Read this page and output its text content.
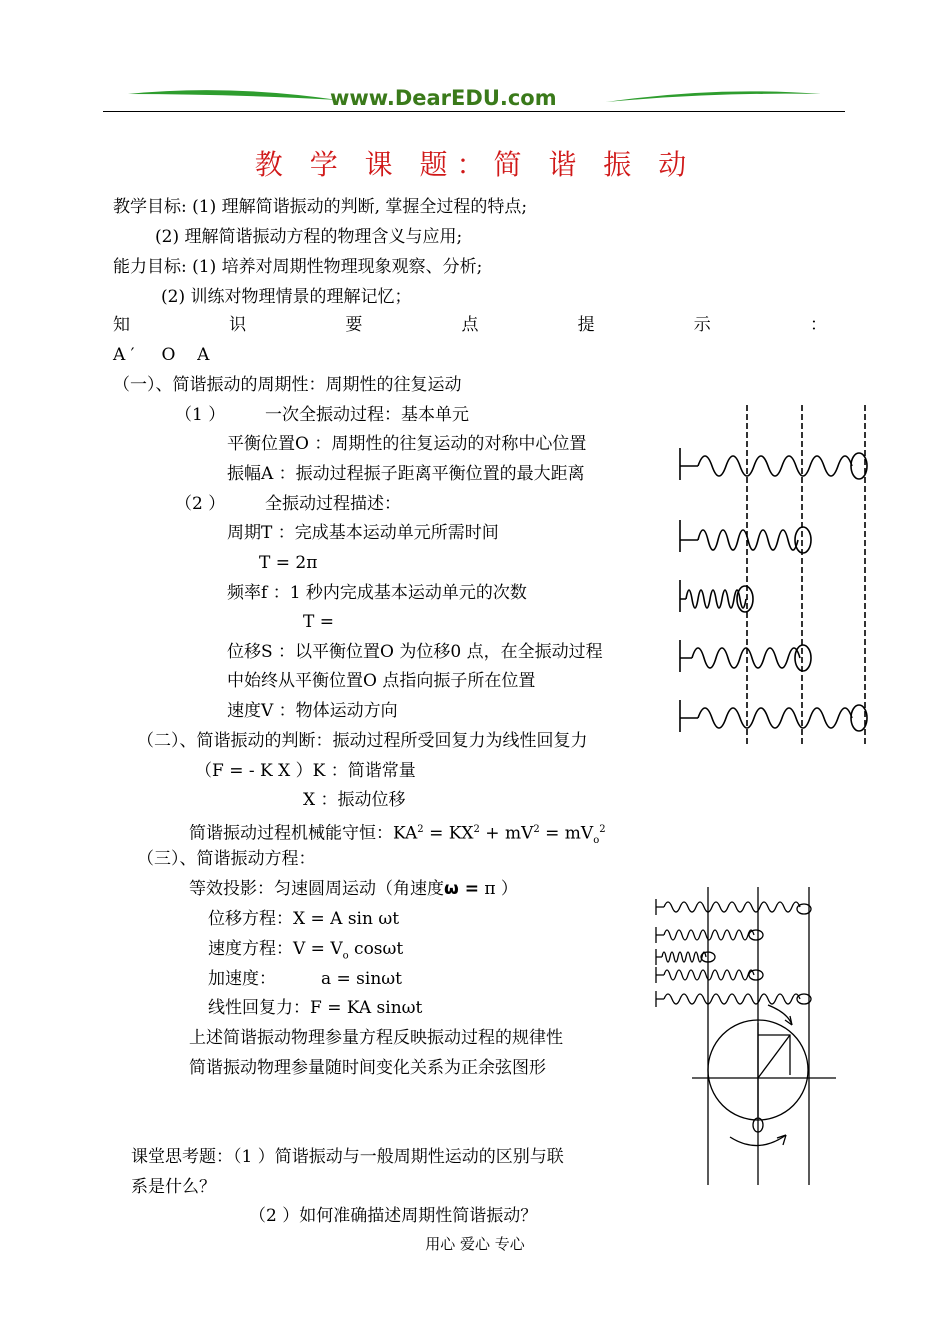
www.DearEDU.com
教 学 课 题：简 谐 振 动
教学目标: (1) 理解简谐振动的判断, 掌握全过程的特点;
(2) 理解简谐振动方程的物理含义与应用;
能力目标: (1) 培养对周期性物理现象观察、分析;
(2) 训练对物理情景的理解记忆；
知	识	要	点	提	示	：
A ′     O    A
（一）、简谐振动的周期性：周期性的往复运动
（1 ） 一次全振动过程：基本单元
平衡位置O ：周期性的往复运动的对称中心位置
振幅A ：振动过程振子距离平衡位置的最大距离
（2 ） 全振动过程描述：
周期T ：完成基本运动单元所需时间
T = 2π
频率f ：1 秒内完成基本运动单元的次数
T =
位移S ：以平衡位置O 为位移0 点，在全振动过程
中始终从平衡位置O 点指向振子所在位置
速度V ：物体运动方向
（二）、简谐振动的判断：振动过程所受回复力为线性回复力
（F = - K X ）K ：简谐常量
X ：振动位移
简谐振动过程机械能守恒：$KA^2 = KX^2 + mV^2 = mV_o^2$
（三）、简谐振动方程：
等效投影：匀速圆周运动（角速度ω = π ）
位移方程：X = A sin ωt
速度方程：$V = V_o$ cosωt
加速度：	a = sinωt
线性回复力：F = KA sinωt
上述简谐振动物理参量方程反映振动过程的规律性
简谐振动物理参量随时间变化关系为正余弦图形
课堂思考题：（1 ）简谐振动与一般周期性运动的区别与联
系是什么？
（2 ）如何准确描述周期性简谐振动？
用心 爱心 专心
